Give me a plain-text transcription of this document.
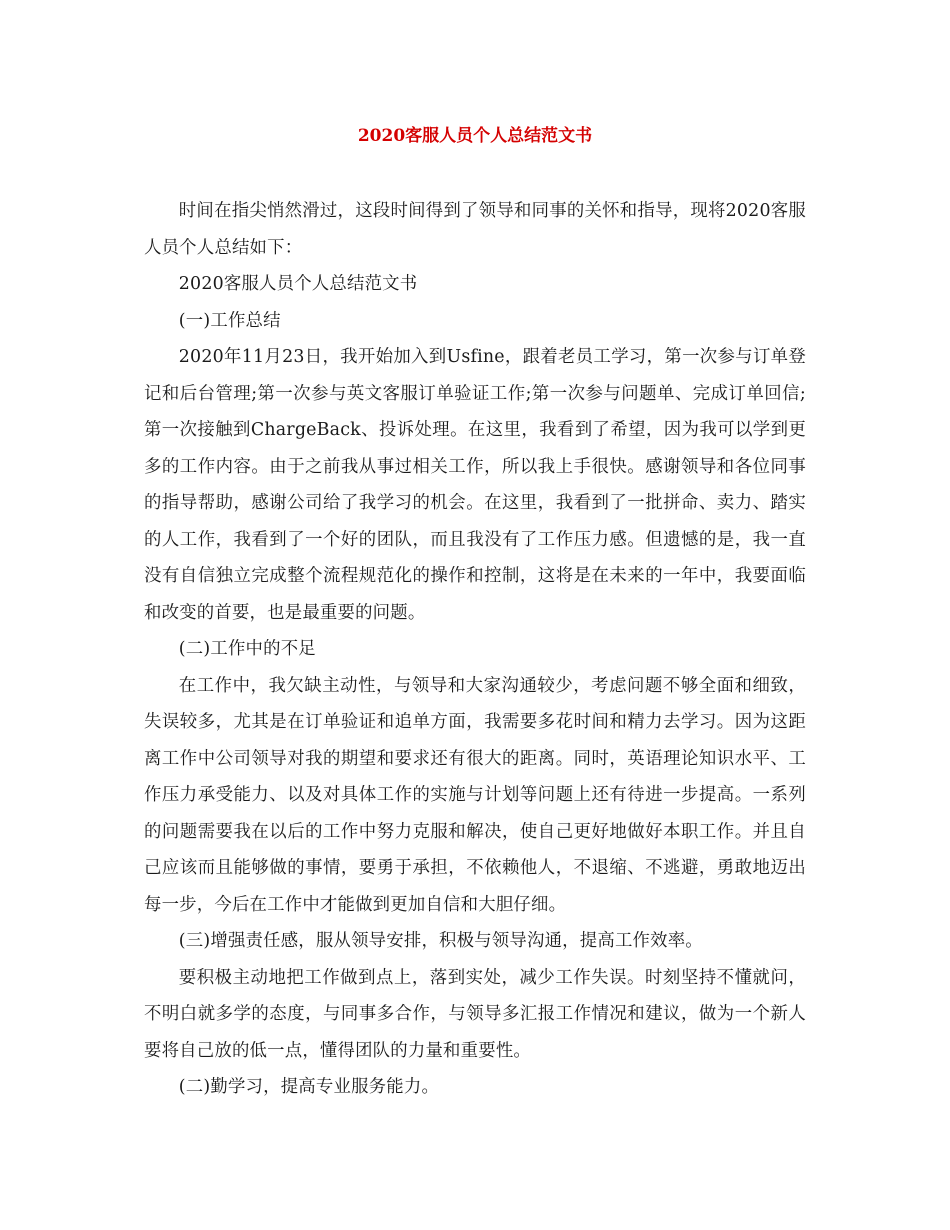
2020客服人员个人总结范文书

时间在指尖悄然滑过，这段时间得到了领导和同事的关怀和指导，现将2020客服人员个人总结如下：

2020客服人员个人总结范文书

(一)工作总结

2020年11月23日，我开始加入到Usfine，跟着老员工学习，第一次参与订单登记和后台管理;第一次参与英文客服订单验证工作;第一次参与问题单、完成订单回信;第一次接触到ChargeBack、投诉处理。在这里，我看到了希望，因为我可以学到更多的工作内容。由于之前我从事过相关工作，所以我上手很快。感谢领导和各位同事的指导帮助，感谢公司给了我学习的机会。在这里，我看到了一批拼命、卖力、踏实的人工作，我看到了一个好的团队，而且我没有了工作压力感。但遗憾的是，我一直没有自信独立完成整个流程规范化的操作和控制，这将是在未来的一年中，我要面临和改变的首要，也是最重要的问题。

(二)工作中的不足

在工作中，我欠缺主动性，与领导和大家沟通较少，考虑问题不够全面和细致，失误较多，尤其是在订单验证和追单方面，我需要多花时间和精力去学习。因为这距离工作中公司领导对我的期望和要求还有很大的距离。同时，英语理论知识水平、工作压力承受能力、以及对具体工作的实施与计划等问题上还有待进一步提高。一系列的问题需要我在以后的工作中努力克服和解决，使自己更好地做好本职工作。并且自己应该而且能够做的事情，要勇于承担，不依赖他人，不退缩、不逃避，勇敢地迈出每一步，今后在工作中才能做到更加自信和大胆仔细。

(三)增强责任感，服从领导安排，积极与领导沟通，提高工作效率。

要积极主动地把工作做到点上，落到实处，减少工作失误。时刻坚持不懂就问，不明白就多学的态度，与同事多合作，与领导多汇报工作情况和建议，做为一个新人要将自己放的低一点，懂得团队的力量和重要性。

(二)勤学习，提高专业服务能力。
